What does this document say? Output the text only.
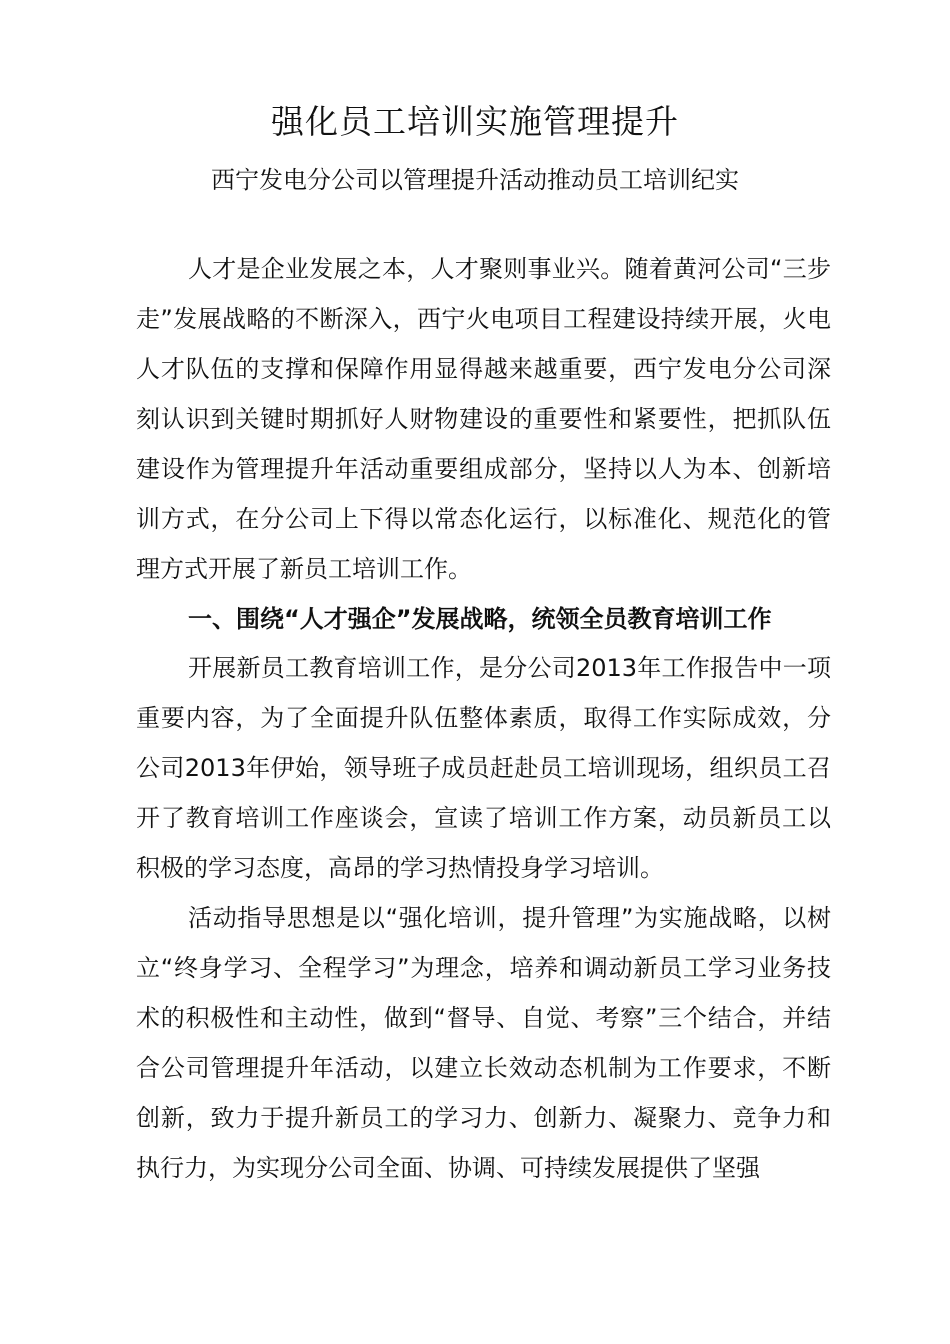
强化员工培训实施管理提升
西宁发电分公司以管理提升活动推动员工培训纪实

人才是企业发展之本，人才聚则事业兴。随着黄河公司“三步走”发展战略的不断深入，西宁火电项目工程建设持续开展，火电人才队伍的支撑和保障作用显得越来越重要，西宁发电分公司深刻认识到关键时期抓好人财物建设的重要性和紧要性，把抓队伍建设作为管理提升年活动重要组成部分，坚持以人为本、创新培训方式，在分公司上下得以常态化运行，以标准化、规范化的管理方式开展了新员工培训工作。

一、围绕“人才强企”发展战略，统领全员教育培训工作

开展新员工教育培训工作，是分公司2013年工作报告中一项重要内容，为了全面提升队伍整体素质，取得工作实际成效，分公司2013年伊始，领导班子成员赶赴员工培训现场，组织员工召开了教育培训工作座谈会，宣读了培训工作方案，动员新员工以积极的学习态度，高昂的学习热情投身学习培训。

活动指导思想是以“强化培训，提升管理”为实施战略，以树立“终身学习、全程学习”为理念，培养和调动新员工学习业务技术的积极性和主动性，做到“督导、自觉、考察”三个结合，并结合公司管理提升年活动，以建立长效动态机制为工作要求，不断创新，致力于提升新员工的学习力、创新力、凝聚力、竞争力和执行力，为实现分公司全面、协调、可持续发展提供了坚强
